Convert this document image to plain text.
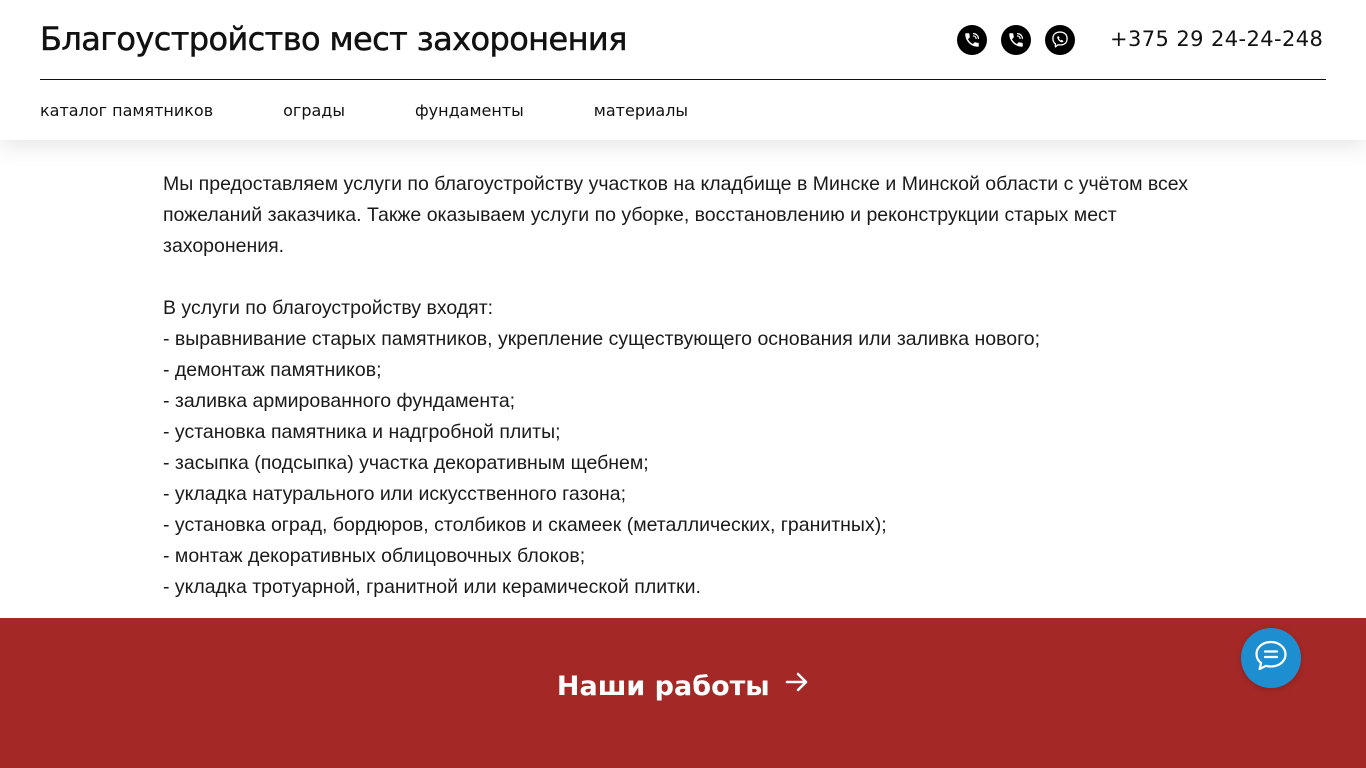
Благоустройство мест захоронения	+375 29 24-24-248
каталог памятников	ограды	фундаменты	материалы

Мы предоставляем услуги по благоустройству участков на кладбище в Минске и Минской области с учётом всех пожеланий заказчика. Также оказываем услуги по уборке, восстановлению и реконструкции старых мест захоронения.

В услуги по благоустройству входят:

- выравнивание старых памятников, укрепление существующего основания или заливка нового;
- демонтаж памятников;
- заливка армированного фундамента;
- установка памятника и надгробной плиты;
- засыпка (подсыпка) участка декоративным щебнем;
- укладка натурального или искусственного газона;
- установка оград, бордюров, столбиков и скамеек (металлических, гранитных);
- монтаж декоративных облицовочных блоков;
- укладка тротуарной, гранитной или керамической плитки.
Наши работы
